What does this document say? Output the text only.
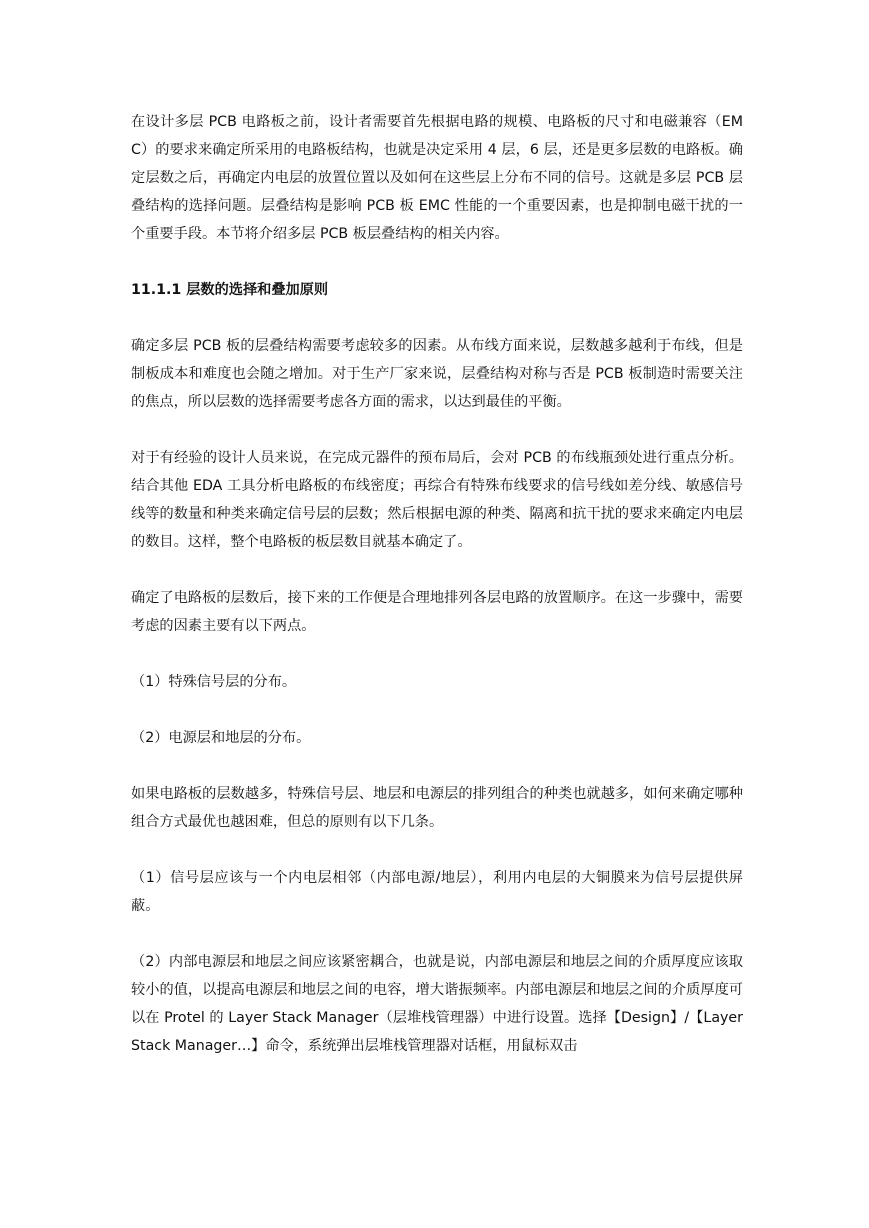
在设计多层 PCB 电路板之前，设计者需要首先根据电路的规模、电路板的尺寸和电磁兼容（EMC）的要求来确定所采用的电路板结构，也就是决定采用 4 层，6 层，还是更多层数的电路板。确定层数之后，再确定内电层的放置位置以及如何在这些层上分布不同的信号。这就是多层 PCB 层叠结构的选择问题。层叠结构是影响 PCB 板 EMC 性能的一个重要因素，也是抑制电磁干扰的一个重要手段。本节将介绍多层 PCB 板层叠结构的相关内容。

11.1.1 层数的选择和叠加原则

确定多层 PCB 板的层叠结构需要考虑较多的因素。从布线方面来说，层数越多越利于布线，但是制板成本和难度也会随之增加。对于生产厂家来说，层叠结构对称与否是 PCB 板制造时需要关注的焦点，所以层数的选择需要考虑各方面的需求，以达到最佳的平衡。

对于有经验的设计人员来说，在完成元器件的预布局后，会对 PCB 的布线瓶颈处进行重点分析。结合其他 EDA 工具分析电路板的布线密度；再综合有特殊布线要求的信号线如差分线、敏感信号线等的数量和种类来确定信号层的层数；然后根据电源的种类、隔离和抗干扰的要求来确定内电层的数目。这样，整个电路板的板层数目就基本确定了。

确定了电路板的层数后，接下来的工作便是合理地排列各层电路的放置顺序。在这一步骤中，需要考虑的因素主要有以下两点。

（1）特殊信号层的分布。

（2）电源层和地层的分布。

如果电路板的层数越多，特殊信号层、地层和电源层的排列组合的种类也就越多，如何来确定哪种组合方式最优也越困难，但总的原则有以下几条。

（1）信号层应该与一个内电层相邻（内部电源/地层），利用内电层的大铜膜来为信号层提供屏蔽。

（2）内部电源层和地层之间应该紧密耦合，也就是说，内部电源层和地层之间的介质厚度应该取较小的值，以提高电源层和地层之间的电容，增大谐振频率。内部电源层和地层之间的介质厚度可以在 Protel 的 Layer Stack Manager（层堆栈管理器）中进行设置。选择【Design】/【Layer Stack Manager…】命令，系统弹出层堆栈管理器对话框，用鼠标双击
